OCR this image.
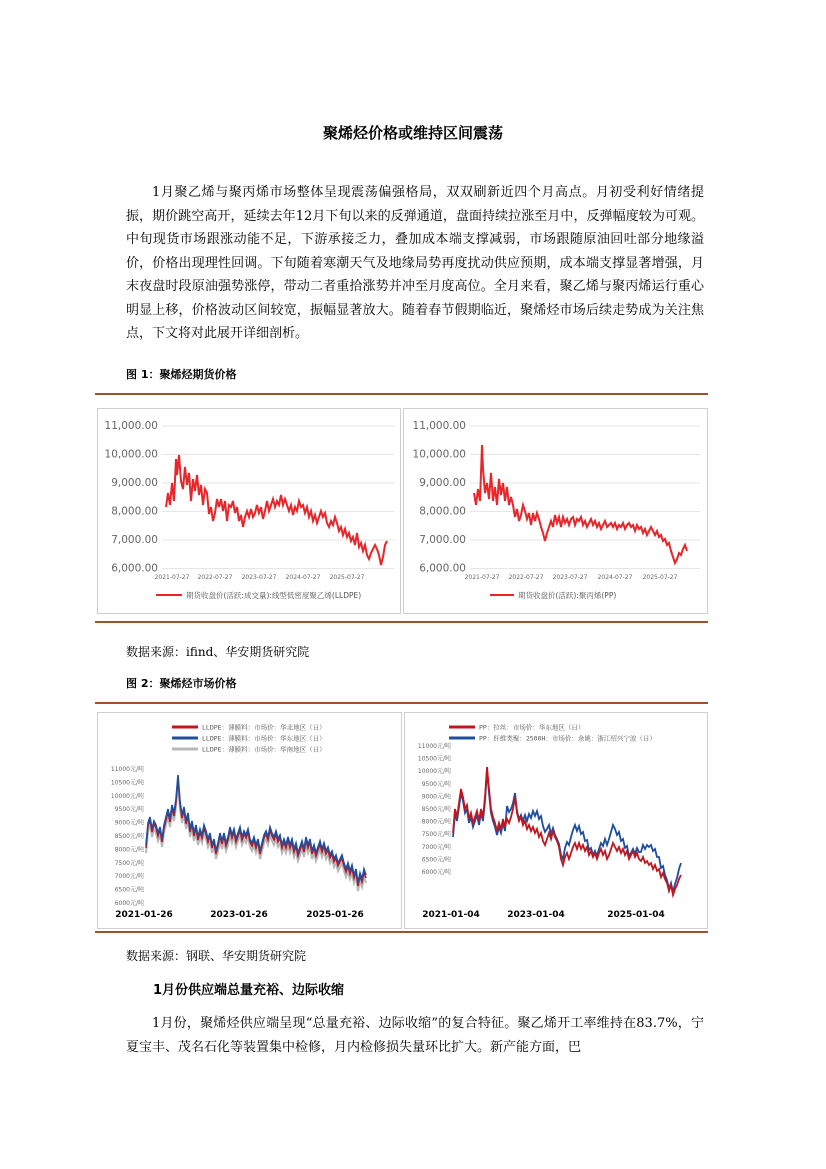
聚烯烃价格或维持区间震荡

1月聚乙烯与聚丙烯市场整体呈现震荡偏强格局，双双刷新近四个月高点。月初受利好情绪提振，期价跳空高开，延续去年12月下旬以来的反弹通道，盘面持续拉涨至月中，反弹幅度较为可观。中旬现货市场跟涨动能不足，下游承接乏力，叠加成本端支撑减弱，市场跟随原油回吐部分地缘溢价，价格出现理性回调。下旬随着寒潮天气及地缘局势再度扰动供应预期，成本端支撑显著增强，月末夜盘时段原油强势涨停，带动二者重拾涨势并冲至月度高位。全月来看，聚乙烯与聚丙烯运行重心明显上移，价格波动区间较宽，振幅显著放大。随着春节假期临近，聚烯烃市场后续走势成为关注焦点，下文将对此展开详细剖析。

图 1：聚烯烃期货价格
11,000.00
10,000.00
9,000.00
8,000.00
7,000.00
6,000.00
2021-07-27 2022-07-27 2023-07-27 2024-07-27 2025-07-27
期货收盘价(活跃:成交量):线型低密度聚乙烯(LLDPE)
11,000.00
10,000.00
9,000.00
8,000.00
7,000.00
6,000.00
2021-07-27 2022-07-27 2023-07-27 2024-07-27 2025-07-27
期货收盘价(活跃):聚丙烯(PP)
数据来源：ifind、华安期货研究院
图 2：聚烯烃市场价格
LLDPE：薄膜料：市场价：华北地区（日）
LLDPE：薄膜料：市场价：华东地区（日）
LLDPE：薄膜料：市场价：华南地区（日）
11000元/吨
10500元/吨
10000元/吨
9500元/吨
9000元/吨
8500元/吨
8000元/吨
7500元/吨
7000元/吨
6500元/吨
6000元/吨
2021-01-26	2023-01-26	2025-01-26
PP：拉丝：市场价：华东地区（日）
PP：纤维类聚：2500H：市场价：余姚：浙江绍兴宁波（日）
11000元/吨
10500元/吨
10000元/吨
9500元/吨
9000元/吨
8500元/吨
8000元/吨
7500元/吨
7000元/吨
6500元/吨
6000元/吨
2021-01-04	2023-01-04	2025-01-04
数据来源：钢联、华安期货研究院
1月份供应端总量充裕、边际收缩

1月份，聚烯烃供应端呈现“总量充裕、边际收缩”的复合特征。聚乙烯开工率维持在83.7%，宁夏宝丰、茂名石化等装置集中检修，月内检修损失量环比扩大。新产能方面，巴
